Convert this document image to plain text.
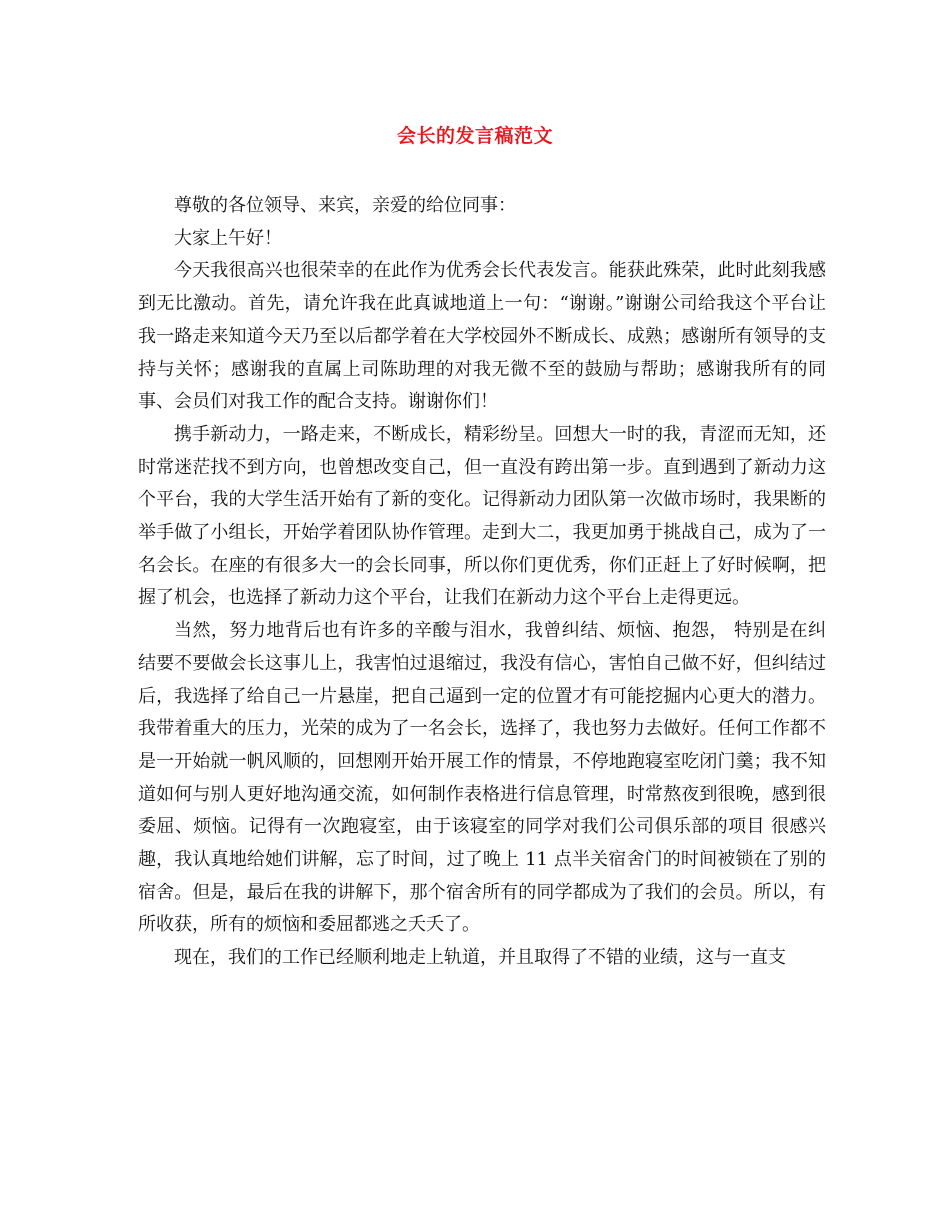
会长的发言稿范文

尊敬的各位领导、来宾，亲爱的给位同事：

大家上午好！

今天我很高兴也很荣幸的在此作为优秀会长代表发言。能获此殊荣，此时此刻我感到无比激动。首先，请允许我在此真诚地道上一句：“谢谢。”谢谢公司给我这个平台让我一路走来知道今天乃至以后都学着在大学校园外不断成长、成熟；感谢所有领导的支持与关怀；感谢我的直属上司陈助理的对我无微不至的鼓励与帮助；感谢我所有的同事、会员们对我工作的配合支持。谢谢你们！

携手新动力，一路走来，不断成长，精彩纷呈。回想大一时的我，青涩而无知，还时常迷茫找不到方向，也曾想改变自己，但一直没有跨出第一步。直到遇到了新动力这个平台，我的大学生活开始有了新的变化。记得新动力团队第一次做市场时，我果断的举手做了小组长，开始学着团队协作管理。走到大二，我更加勇于挑战自己，成为了一名会长。在座的有很多大一的会长同事，所以你们更优秀，你们正赶上了好时候啊，把握了机会，也选择了新动力这个平台，让我们在新动力这个平台上走得更远。

当然，努力地背后也有许多的辛酸与泪水，我曾纠结、烦恼、抱怨， 特别是在纠结要不要做会长这事儿上，我害怕过退缩过，我没有信心，害怕自己做不好，但纠结过后，我选择了给自己一片悬崖，把自己逼到一定的位置才有可能挖掘内心更大的潜力。我带着重大的压力，光荣的成为了一名会长，选择了，我也努力去做好。任何工作都不是一开始就一帆风顺的，回想刚开始开展工作的情景，不停地跑寝室吃闭门羹；我不知道如何与别人更好地沟通交流，如何制作表格进行信息管理，时常熬夜到很晚，感到很委屈、烦恼。记得有一次跑寝室，由于该寝室的同学对我们公司俱乐部的项目 很感兴趣，我认真地给她们讲解，忘了时间，过了晚上 11 点半关宿舍门的时间被锁在了别的 宿舍。但是，最后在我的讲解下，那个宿舍所有的同学都成为了我们的会员。所以，有所收获，所有的烦恼和委屈都逃之夭夭了。

现在，我们的工作已经顺利地走上轨道，并且取得了不错的业绩，这与一直支
